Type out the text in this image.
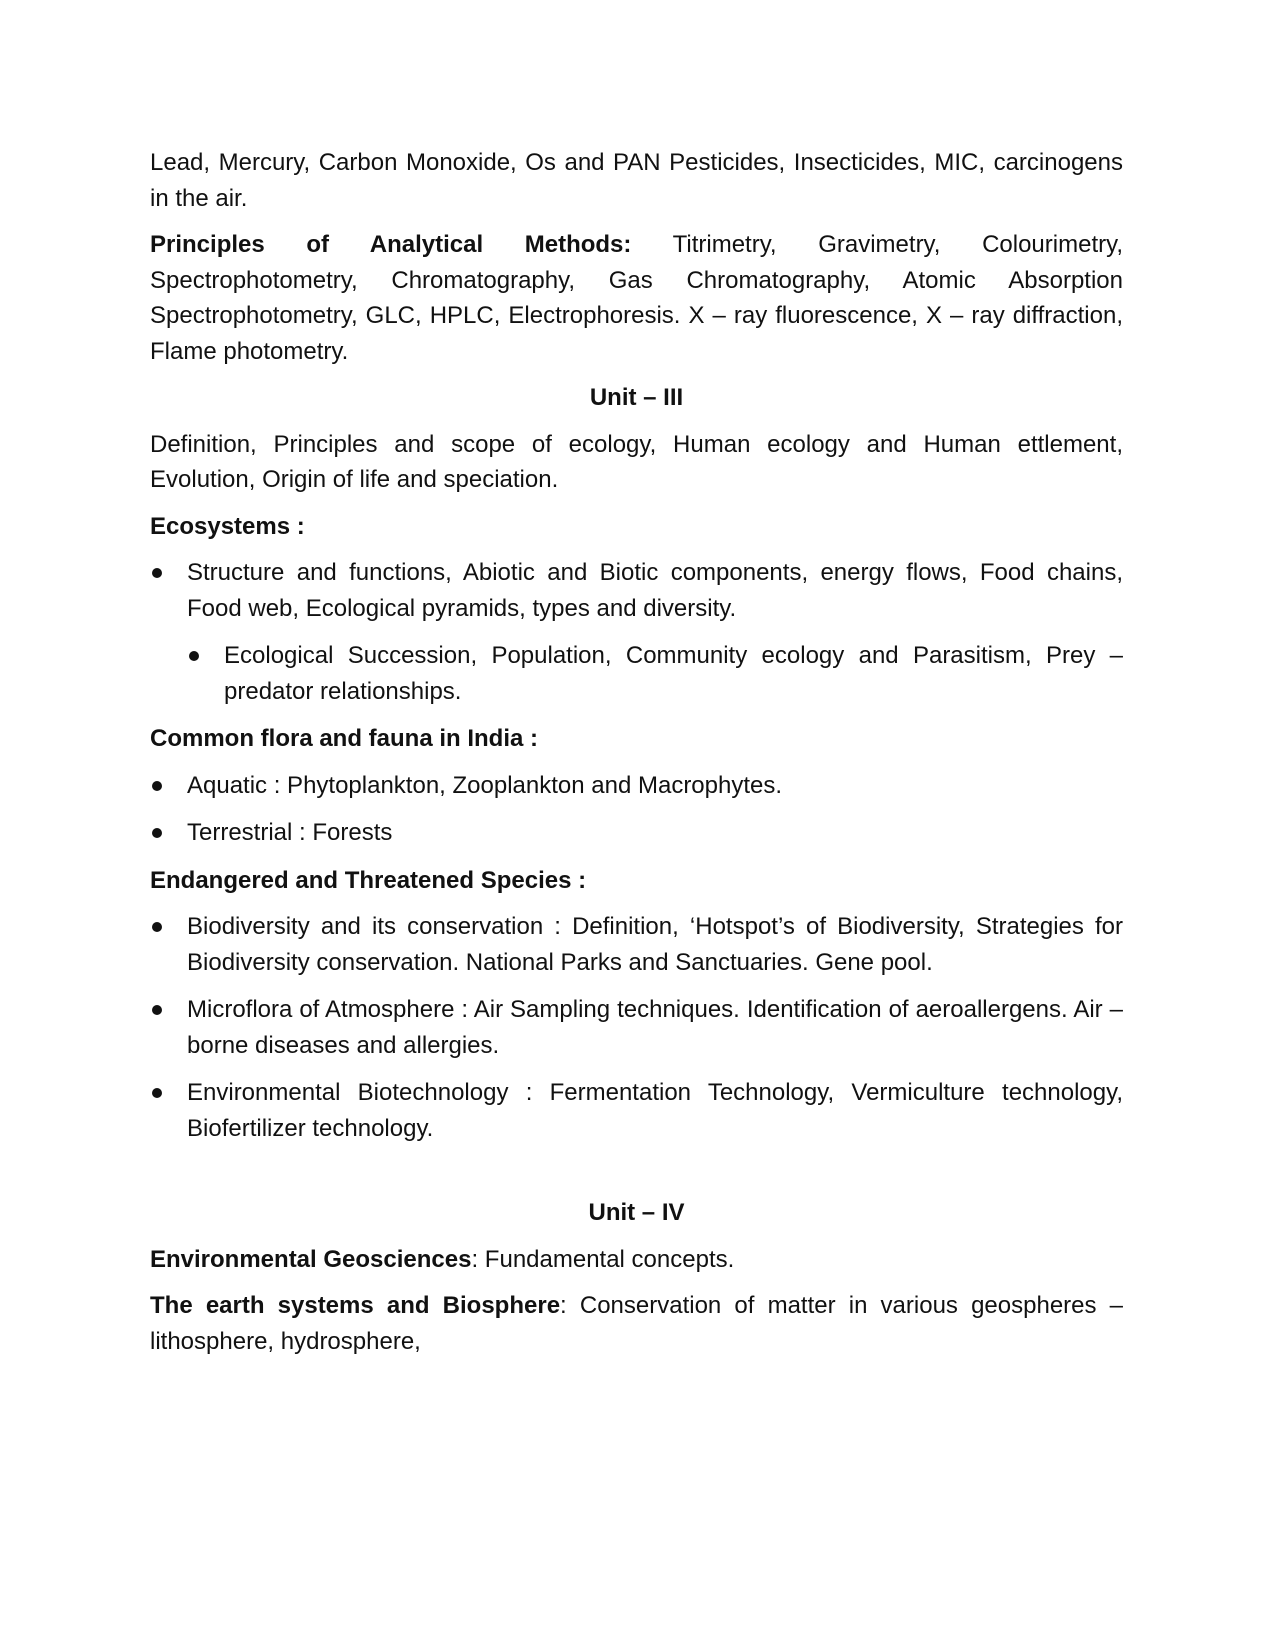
Lead, Mercury, Carbon Monoxide, Os and PAN Pesticides, Insecticides, MIC, carcinogens in the air.

Principles of Analytical Methods: Titrimetry, Gravimetry, Colourimetry, Spectrophotometry, Chromatography, Gas Chromatography, Atomic Absorption Spectrophotometry, GLC, HPLC, Electrophoresis. X – ray fluorescence, X – ray diffraction, Flame photometry.

Unit – III

Definition, Principles and scope of ecology, Human ecology and Human ettlement, Evolution, Origin of life and speciation.

Ecosystems :
Structure and functions, Abiotic and Biotic components, energy flows, Food chains, Food web, Ecological pyramids, types and diversity.
Ecological Succession, Population, Community ecology and Parasitism, Prey – predator relationships.
Common flora and fauna in India :
Aquatic : Phytoplankton, Zooplankton and Macrophytes.
Terrestrial : Forests
Endangered and Threatened Species :
Biodiversity and its conservation : Definition, ‘Hotspot’s of Biodiversity, Strategies for Biodiversity conservation. National Parks and Sanctuaries. Gene pool.
Microflora of Atmosphere : Air Sampling techniques. Identification of aeroallergens. Air – borne diseases and allergies.
Environmental Biotechnology : Fermentation Technology, Vermiculture technology, Biofertilizer technology.
Unit – IV

Environmental Geosciences: Fundamental concepts.

The earth systems and Biosphere: Conservation of matter in various geospheres – lithosphere, hydrosphere,
